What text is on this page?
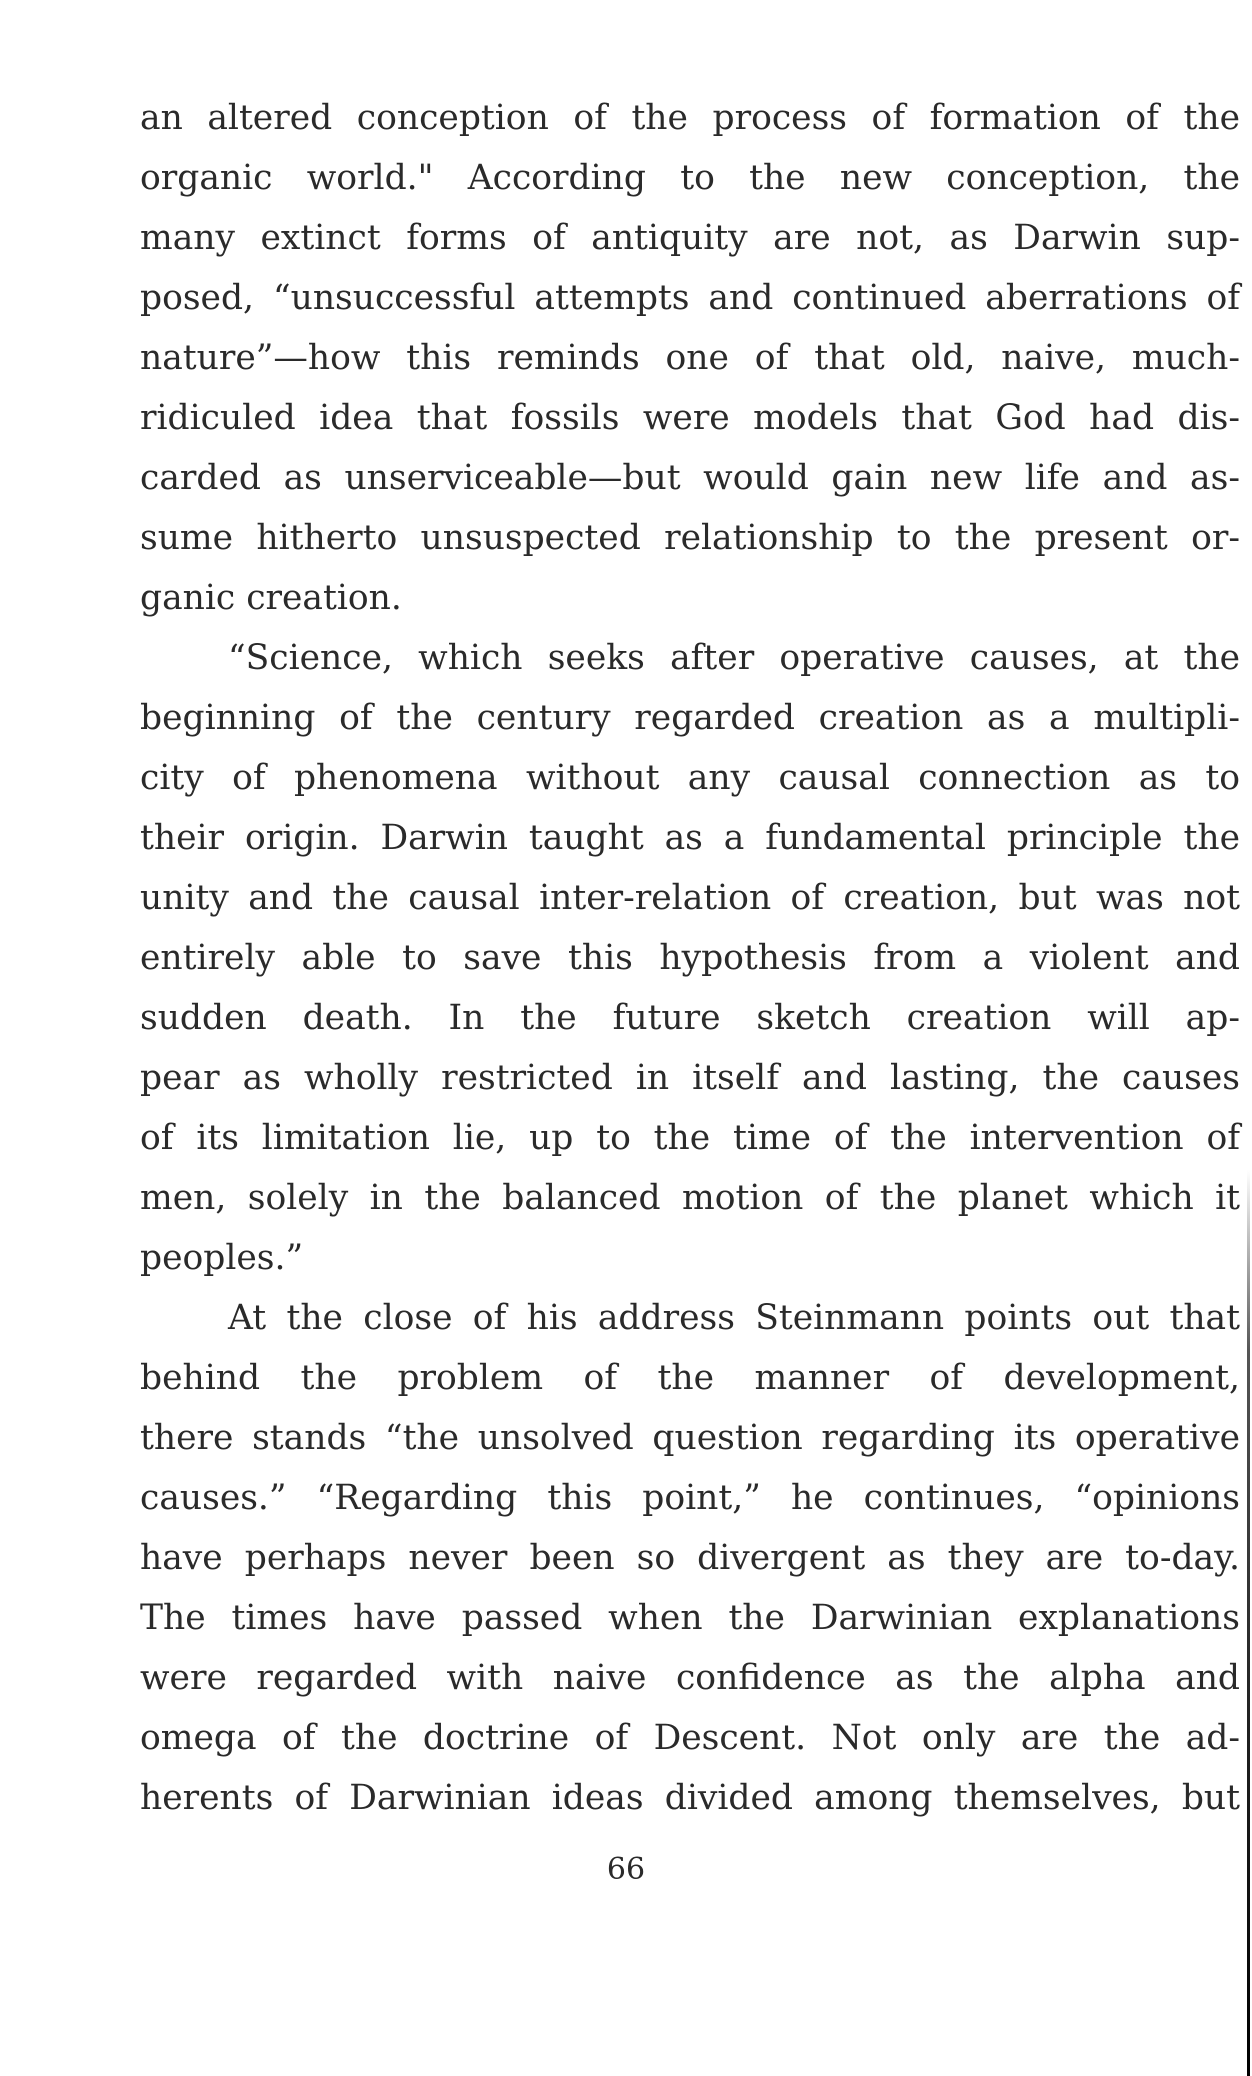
an altered conception of the process of formation of the
organic world." According to the new conception, the
many extinct forms of antiquity are not, as Darwin sup-
posed, “unsuccessful attempts and continued aberrations of
nature”—how this reminds one of that old, naive, much-
ridiculed idea that fossils were models that God had dis-
carded as unserviceable—but would gain new life and as-
sume hitherto unsuspected relationship to the present or-
ganic creation.
“Science, which seeks after operative causes, at the
beginning of the century regarded creation as a multipli-
city of phenomena without any causal connection as to
their origin. Darwin taught as a fundamental principle the
unity and the causal inter-relation of creation, but was not
entirely able to save this hypothesis from a violent and
sudden death. In the future sketch creation will ap-
pear as wholly restricted in itself and lasting, the causes
of its limitation lie, up to the time of the intervention of
men, solely in the balanced motion of the planet which it
peoples.”
At the close of his address Steinmann points out that
behind the problem of the manner of development,
there stands “the unsolved question regarding its operative
causes.” “Regarding this point,” he continues, “opinions
have perhaps never been so divergent as they are to-day.
The times have passed when the Darwinian explanations
were regarded with naive confidence as the alpha and
omega of the doctrine of Descent. Not only are the ad-
herents of Darwinian ideas divided among themselves, but
66
